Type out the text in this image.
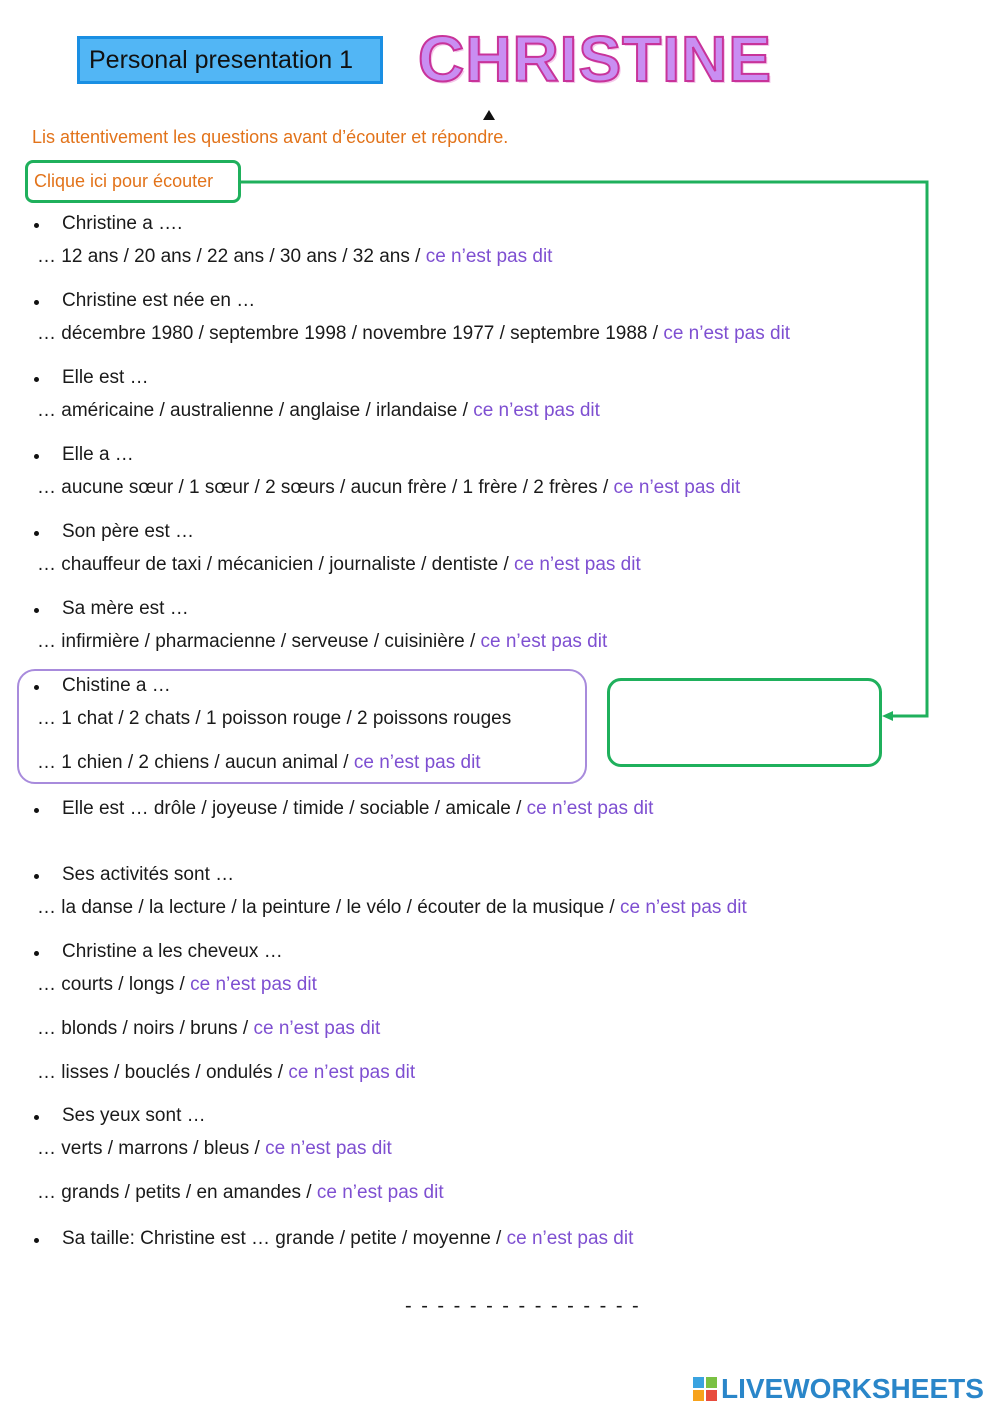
Personal presentation 1 CHRISTINE
Lis attentivement les questions avant d’écouter et répondre.
Clique ici pour écouter
Christine a ….
… 12 ans / 20 ans / 22 ans / 30 ans / 32 ans / ce n’est pas dit
Christine est née en …
… décembre 1980 / septembre 1998 / novembre 1977 / septembre 1988 / ce n’est pas dit
Elle est …
… américaine / australienne / anglaise / irlandaise / ce n’est pas dit
Elle a …
… aucune sœur / 1 sœur / 2 sœurs / aucun frère / 1 frère / 2 frères / ce n’est pas dit
Son père est …
… chauffeur de taxi / mécanicien / journaliste / dentiste / ce n’est pas dit
Sa mère est …
… infirmière / pharmacienne / serveuse / cuisinière / ce n’est pas dit
Chistine a …
… 1 chat / 2 chats / 1 poisson rouge / 2 poissons rouges
… 1 chien / 2 chiens / aucun animal / ce n’est pas dit
Elle est … drôle / joyeuse / timide / sociable / amicale / ce n’est pas dit
Ses activités sont …
… la danse / la lecture / la peinture / le vélo / écouter de la musique / ce n’est pas dit
Christine a les cheveux …
… courts / longs / ce n’est pas dit
… blonds / noirs / bruns / ce n’est pas dit
… lisses / bouclés / ondulés / ce n’est pas dit
Ses yeux sont …
… verts / marrons / bleus / ce n’est pas dit
… grands / petits / en amandes / ce n’est pas dit
Sa taille: Christine est … grande / petite / moyenne / ce n’est pas dit
- - - - - - - - - - - - - - -
LIVEWORKSHEETS
